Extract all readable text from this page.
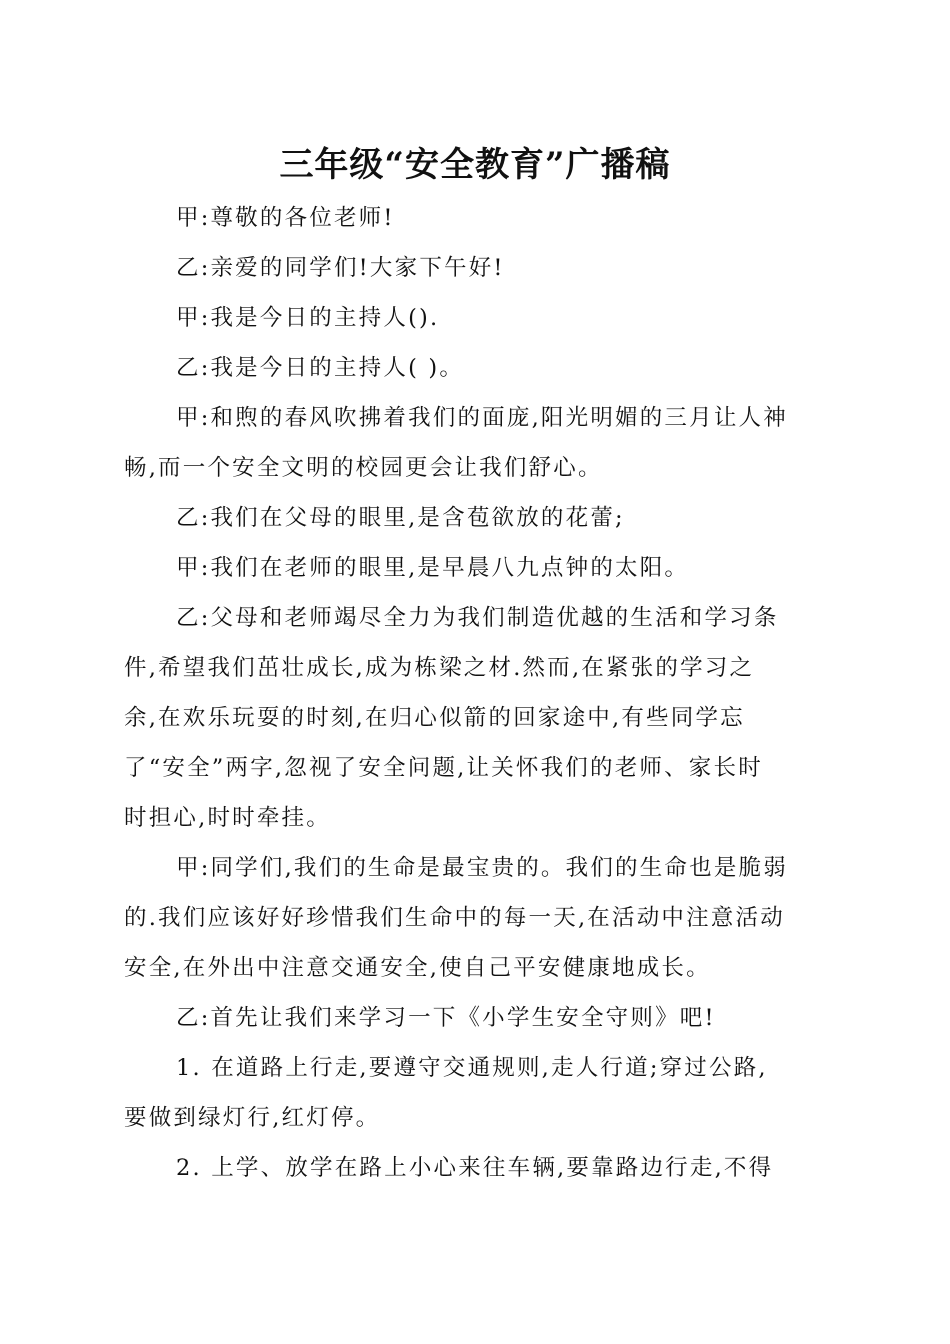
三年级“安全教育”广播稿
甲:尊敬的各位老师!
乙:亲爱的同学们!大家下午好!
甲:我是今日的主持人().
乙:我是今日的主持人( )。
甲:和煦的春风吹拂着我们的面庞,阳光明媚的三月让人神
畅,而一个安全文明的校园更会让我们舒心。
乙:我们在父母的眼里,是含苞欲放的花蕾;
甲:我们在老师的眼里,是早晨八九点钟的太阳。
乙:父母和老师竭尽全力为我们制造优越的生活和学习条
件,希望我们茁壮成长,成为栋梁之材.然而,在紧张的学习之
余,在欢乐玩耍的时刻,在归心似箭的回家途中,有些同学忘
了“安全”两字,忽视了安全问题,让关怀我们的老师、家长时
时担心,时时牵挂。
甲:同学们,我们的生命是最宝贵的。我们的生命也是脆弱
的.我们应该好好珍惜我们生命中的每一天,在活动中注意活动
安全,在外出中注意交通安全,使自己平安健康地成长。
乙:首先让我们来学习一下《小学生安全守则》吧!
1. 在道路上行走,要遵守交通规则,走人行道;穿过公路,
要做到绿灯行,红灯停。
2. 上学、放学在路上小心来往车辆,要靠路边行走,不得
